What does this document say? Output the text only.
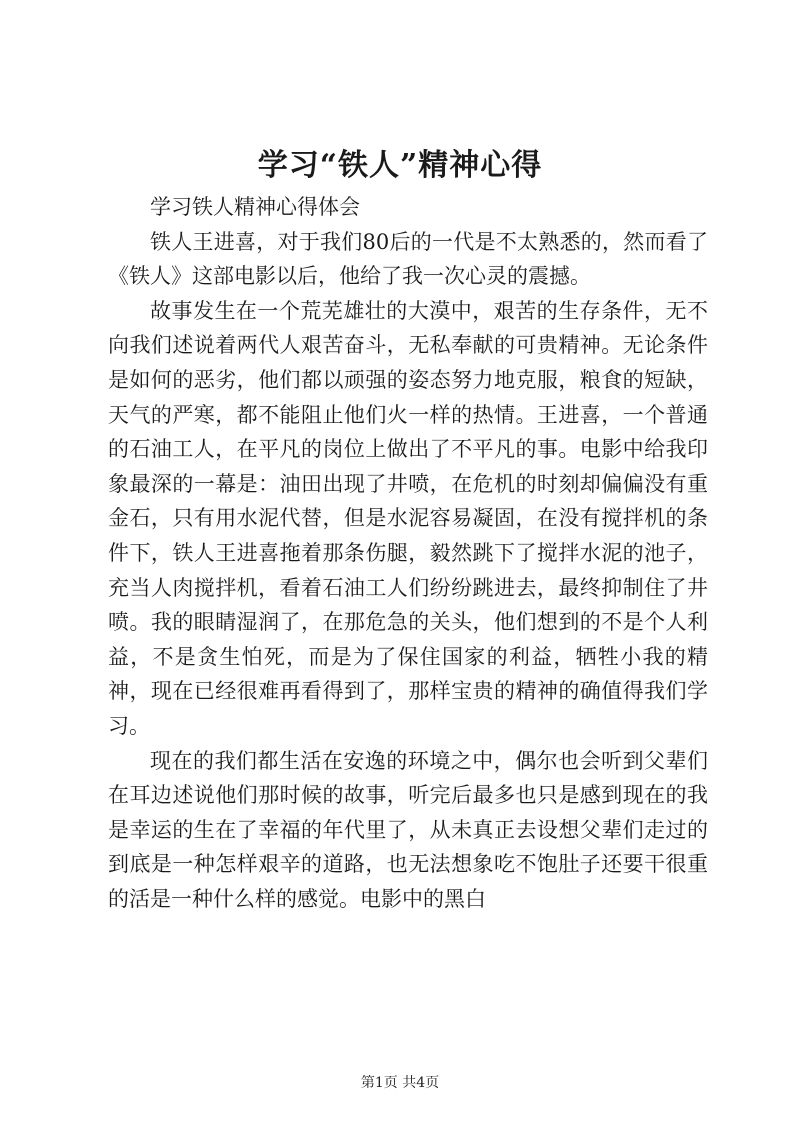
学习“铁人”精神心得

学习铁人精神心得体会

铁人王进喜，对于我们80后的一代是不太熟悉的，然而看了《铁人》这部电影以后，他给了我一次心灵的震撼。

故事发生在一个荒芜雄壮的大漠中，艰苦的生存条件，无不向我们述说着两代人艰苦奋斗，无私奉献的可贵精神。无论条件是如何的恶劣，他们都以顽强的姿态努力地克服，粮食的短缺，天气的严寒，都不能阻止他们火一样的热情。王进喜，一个普通的石油工人，在平凡的岗位上做出了不平凡的事。电影中给我印象最深的一幕是：油田出现了井喷，在危机的时刻却偏偏没有重金石，只有用水泥代替，但是水泥容易凝固，在没有搅拌机的条件下，铁人王进喜拖着那条伤腿，毅然跳下了搅拌水泥的池子，充当人肉搅拌机，看着石油工人们纷纷跳进去，最终抑制住了井喷。我的眼睛湿润了，在那危急的关头，他们想到的不是个人利益，不是贪生怕死，而是为了保住国家的利益，牺牲小我的精神，现在已经很难再看得到了，那样宝贵的精神的确值得我们学习。

现在的我们都生活在安逸的环境之中，偶尔也会听到父辈们在耳边述说他们那时候的故事，听完后最多也只是感到现在的我是幸运的生在了幸福的年代里了，从未真正去设想父辈们走过的到底是一种怎样艰辛的道路，也无法想象吃不饱肚子还要干很重的活是一种什么样的感觉。电影中的黑白

第1页 共4页
